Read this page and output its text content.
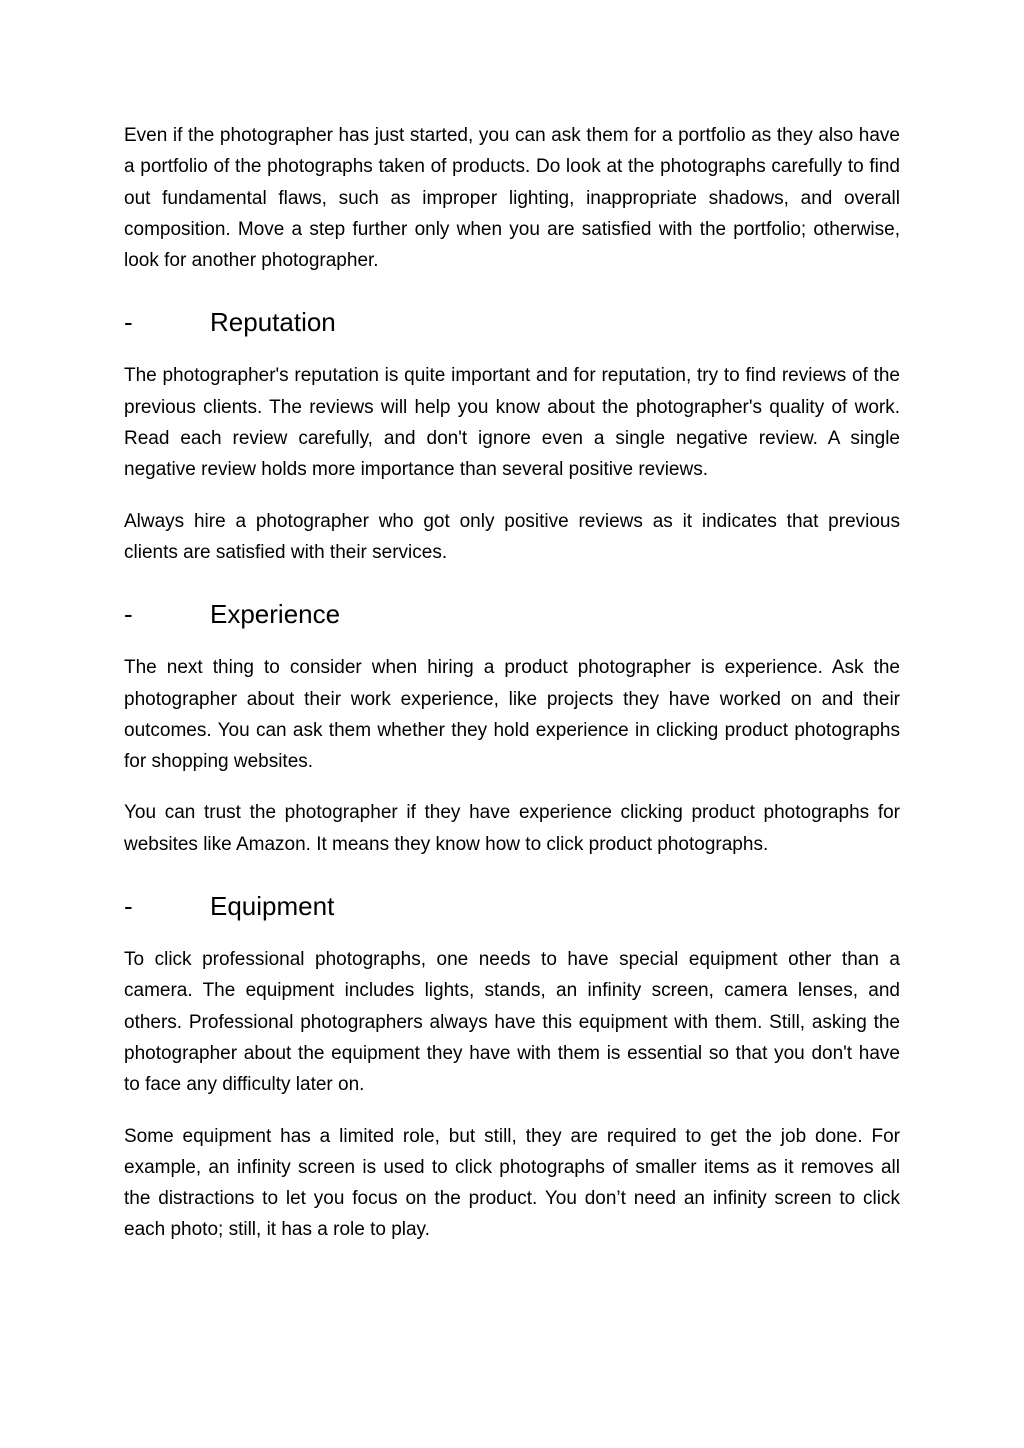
Even if the photographer has just started, you can ask them for a portfolio as they also have a portfolio of the photographs taken of products. Do look at the photographs carefully to find out fundamental flaws, such as improper lighting, inappropriate shadows, and overall composition. Move a step further only when you are satisfied with the portfolio; otherwise, look for another photographer.

-	Reputation

The photographer's reputation is quite important and for reputation, try to find reviews of the previous clients. The reviews will help you know about the photographer's quality of work. Read each review carefully, and don't ignore even a single negative review. A single negative review holds more importance than several positive reviews.

Always hire a photographer who got only positive reviews as it indicates that previous clients are satisfied with their services.

-	Experience

The next thing to consider when hiring a product photographer is experience. Ask the photographer about their work experience, like projects they have worked on and their outcomes. You can ask them whether they hold experience in clicking product photographs for shopping websites.

You can trust the photographer if they have experience clicking product photographs for websites like Amazon. It means they know how to click product photographs.

-	Equipment

To click professional photographs, one needs to have special equipment other than a camera. The equipment includes lights, stands, an infinity screen, camera lenses, and others. Professional photographers always have this equipment with them. Still, asking the photographer about the equipment they have with them is essential so that you don't have to face any difficulty later on.

Some equipment has a limited role, but still, they are required to get the job done. For example, an infinity screen is used to click photographs of smaller items as it removes all the distractions to let you focus on the product. You don’t need an infinity screen to click each photo; still, it has a role to play.
